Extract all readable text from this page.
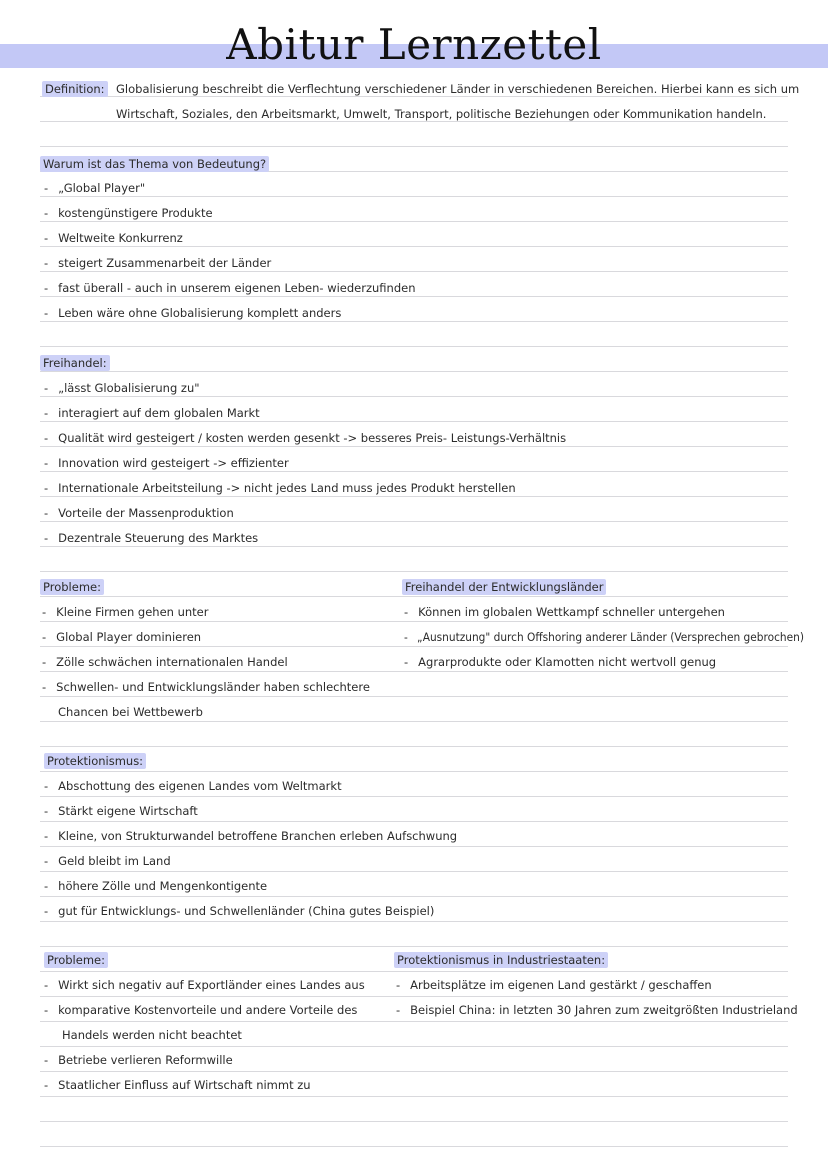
Abitur Lernzettel
Definition: Globalisierung beschreibt die Verflechtung verschiedener Länder in verschiedenen Bereichen. Hierbei kann es sich um
Wirtschaft, Soziales, den Arbeitsmarkt, Umwelt, Transport, politische Beziehungen oder Kommunikation handeln.
Warum ist das Thema von Bedeutung?
- „Global Player"
- kostengünstigere Produkte
- Weltweite Konkurrenz
- steigert Zusammenarbeit der Länder
- fast überall - auch in unserem eigenen Leben- wiederzufinden
- Leben wäre ohne Globalisierung komplett anders
Freihandel:
- „lässt Globalisierung zu"
- interagiert auf dem globalen Markt
- Qualität wird gesteigert / kosten werden gesenkt -> besseres Preis- Leistungs-Verhältnis
- Innovation wird gesteigert -> effizienter
- Internationale Arbeitsteilung -> nicht jedes Land muss jedes Produkt herstellen
- Vorteile der Massenproduktion
- Dezentrale Steuerung des Marktes
Probleme:
- Kleine Firmen gehen unter
- Global Player dominieren
- Zölle schwächen internationalen Handel
- Schwellen- und Entwicklungsländer haben schlechtere
Chancen bei Wettbewerb
Freihandel der Entwicklungsländer
- Können im globalen Wettkampf schneller untergehen
- „Ausnutzung" durch Offshoring anderer Länder (Versprechen gebrochen)
- Agrarprodukte oder Klamotten nicht wertvoll genug
Protektionismus:
- Abschottung des eigenen Landes vom Weltmarkt
- Stärkt eigene Wirtschaft
- Kleine, von Strukturwandel betroffene Branchen erleben Aufschwung
- Geld bleibt im Land
- höhere Zölle und Mengenkontigente
- gut für Entwicklungs- und Schwellenländer (China gutes Beispiel)
Probleme:
- Wirkt sich negativ auf Exportländer eines Landes aus
- komparative Kostenvorteile und andere Vorteile des
Handels werden nicht beachtet
- Betriebe verlieren Reformwille
- Staatlicher Einfluss auf Wirtschaft nimmt zu
Protektionismus in Industriestaaten:
- Arbeitsplätze im eigenen Land gestärkt / geschaffen
- Beispiel China: in letzten 30 Jahren zum zweitgrößten Industrieland
